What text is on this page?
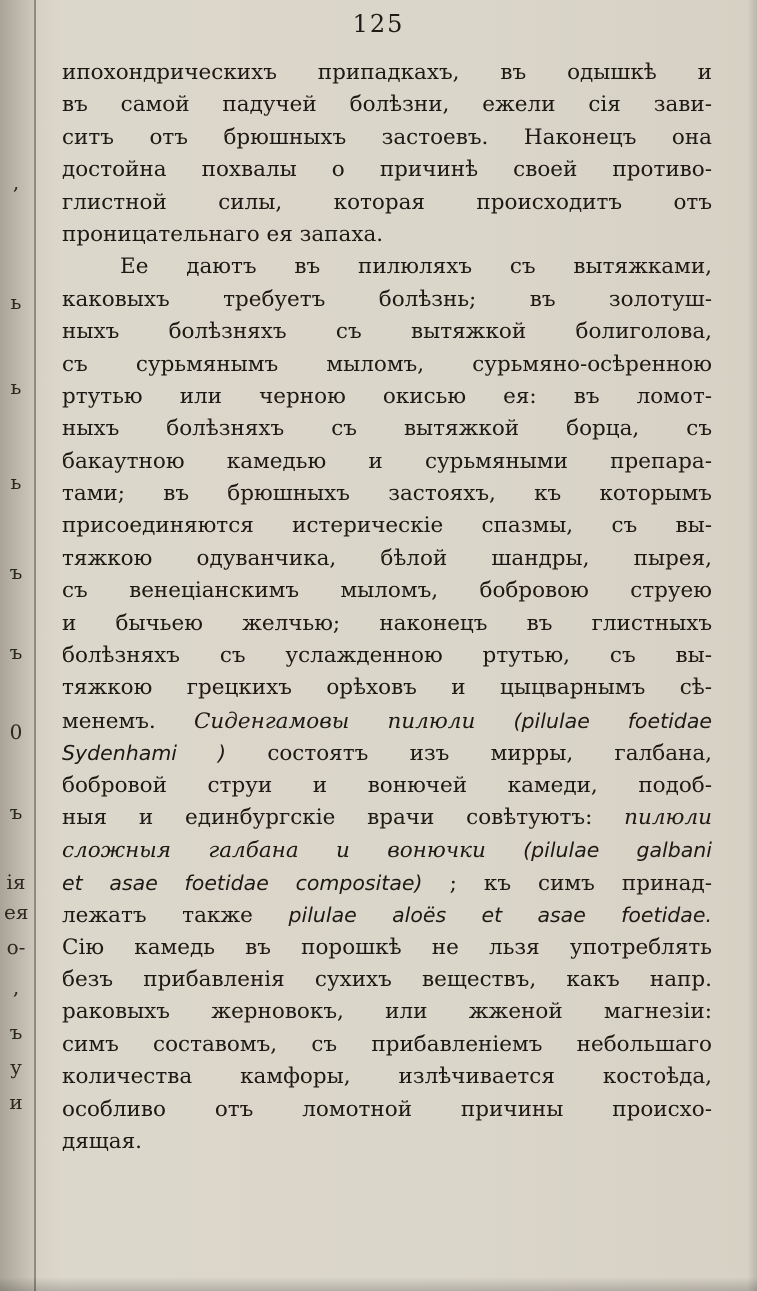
,
ь
ь
ь
ъ
ъ
0
ъ
ія
ея
о-
,
ъ
у
и
125
ипохондрическихъ припадкахъ, въ одышкѣ и
въ самой падучей болѣзни, ежели сія зави-
ситъ отъ брюшныхъ застоевъ. Наконецъ она
достойна похвалы о причинѣ своей противо-
глистной силы, которая происходитъ отъ
проницательнаго ея запаха.
Ее даютъ въ пилюляхъ съ вытяжками,
каковыхъ требуетъ болѣзнь; въ золотуш-
ныхъ болѣзняхъ съ вытяжкой болиголова,
съ сурьмянымъ мыломъ, сурьмяно-осѣренною
ртутью или черною окисью ея: въ ломот-
ныхъ болѣзняхъ съ вытяжкой борца, съ
бакаутною камедью и сурьмяными препара-
тами; въ брюшныхъ застояхъ, къ которымъ
присоединяются истерическіе спазмы, съ вы-
тяжкою одуванчика, бѣлой шандры, пырея,
съ венеціанскимъ мыломъ, бобровою струею
и бычьею желчью; наконецъ въ глистныхъ
болѣзняхъ съ услажденною ртутью, съ вы-
тяжкою грецкихъ орѣховъ и цыцварнымъ сѣ-
менемъ. Сиденгамовы пилюли (pilulae foetidae
Sydenhami ) состоятъ изъ мирры, галбана,
бобровой струи и вонючей камеди, подоб-
ныя и единбургскіе врачи совѣтуютъ: пилюли
сложныя галбана и вонючки (pilulae galbani
et asae foetidae compositae) ; къ симъ принад-
лежатъ также pilulae aloës et asae foetidae.
Сію камедь въ порошкѣ не льзя употреблять
безъ прибавленія сухихъ веществъ, какъ напр.
раковыхъ жерновокъ, или жженой магнезіи:
симъ составомъ, съ прибавленіемъ небольшаго
количества камфоры, излѣчивается костоѣда,
особливо отъ ломотной причины происхо-
дящая.
